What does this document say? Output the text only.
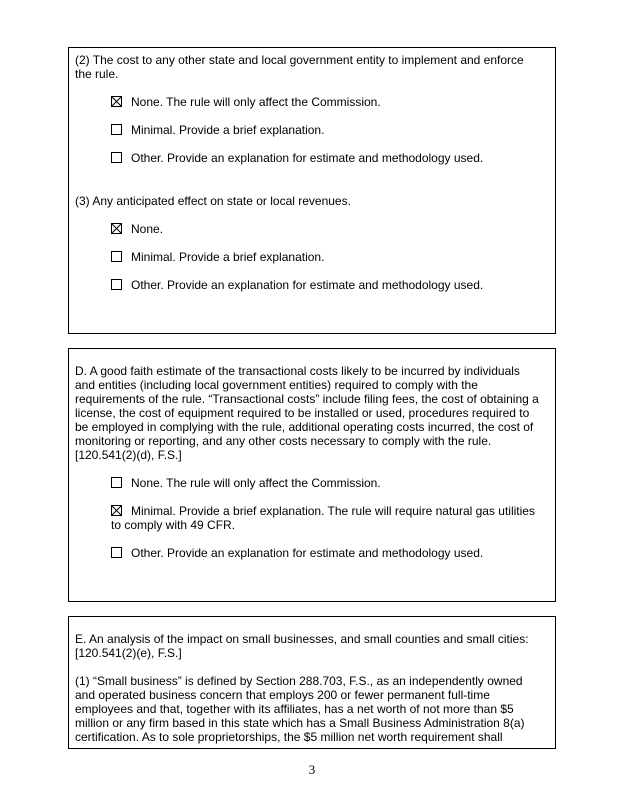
(2) The cost to any other state and local government entity to implement and enforce
the rule.
None. The rule will only affect the Commission.
Minimal. Provide a brief explanation.
Other. Provide an explanation for estimate and methodology used.
(3) Any anticipated effect on state or local revenues.
None.
Minimal. Provide a brief explanation.
Other. Provide an explanation for estimate and methodology used.
D. A good faith estimate of the transactional costs likely to be incurred by individuals
and entities (including local government entities) required to comply with the
requirements of the rule. “Transactional costs” include filing fees, the cost of obtaining a
license, the cost of equipment required to be installed or used, procedures required to
be employed in complying with the rule, additional operating costs incurred, the cost of
monitoring or reporting, and any other costs necessary to comply with the rule.
[120.541(2)(d), F.S.]
None. The rule will only affect the Commission.
Minimal. Provide a brief explanation. The rule will require natural gas utilities
to comply with 49 CFR.
Other. Provide an explanation for estimate and methodology used.
E. An analysis of the impact on small businesses, and small counties and small cities:
[120.541(2)(e), F.S.]
(1) “Small business” is defined by Section 288.703, F.S., as an independently owned
and operated business concern that employs 200 or fewer permanent full-time
employees and that, together with its affiliates, has a net worth of not more than $5
million or any firm based in this state which has a Small Business Administration 8(a)
certification. As to sole proprietorships, the $5 million net worth requirement shall
3
